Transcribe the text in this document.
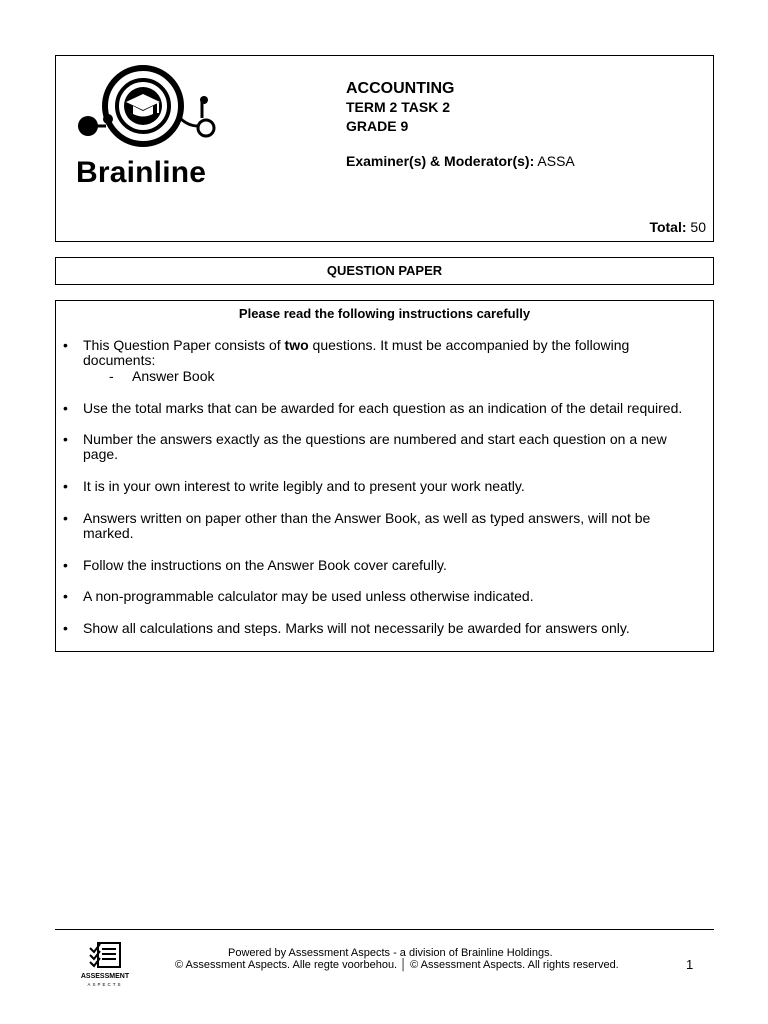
Brainline
ACCOUNTING
TERM 2 TASK 2
GRADE 9
Examiner(s) & Moderator(s): ASSA
Total: 50
QUESTION PAPER
Please read the following instructions carefully
• This Question Paper consists of two questions. It must be accompanied by the following documents:
- Answer Book
• Use the total marks that can be awarded for each question as an indication of the detail required.
• Number the answers exactly as the questions are numbered and start each question on a new page.
• It is in your own interest to write legibly and to present your work neatly.
• Answers written on paper other than the Answer Book, as well as typed answers, will not be marked.
• Follow the instructions on the Answer Book cover carefully.
• A non-programmable calculator may be used unless otherwise indicated.
• Show all calculations and steps. Marks will not necessarily be awarded for answers only.
ASSESSMENT
ASPECTS
Powered by Assessment Aspects - a division of Brainline Holdings.
© Assessment Aspects. Alle regte voorbehou. │ © Assessment Aspects. All rights reserved.	1
